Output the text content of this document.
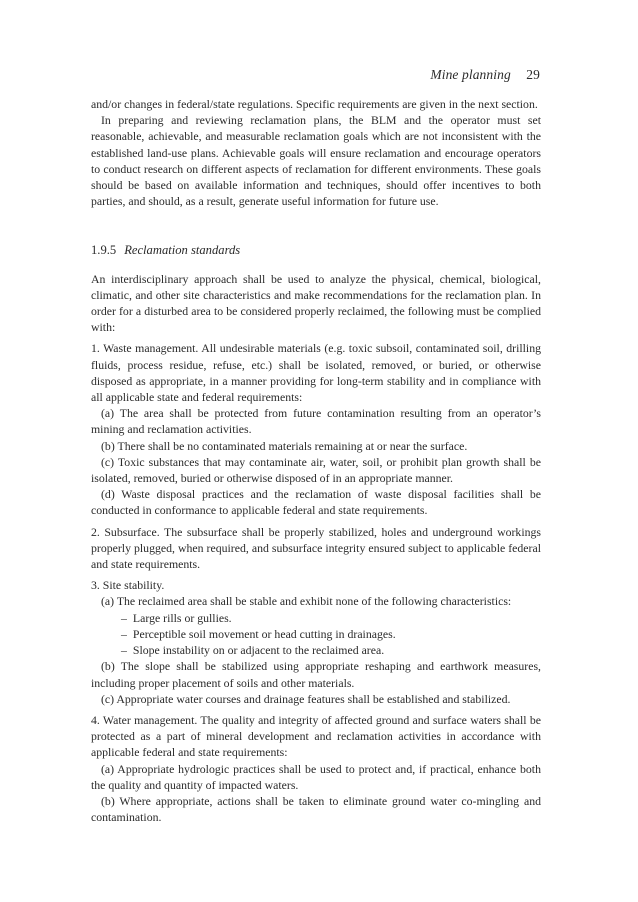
Mine planning 29

and/or changes in federal/state regulations. Specific requirements are given in the next section.

In preparing and reviewing reclamation plans, the BLM and the operator must set reasonable, achievable, and measurable reclamation goals which are not inconsistent with the established land-use plans. Achievable goals will ensure reclamation and encourage operators to conduct research on different aspects of reclamation for different environments. These goals should be based on available information and techniques, should offer incentives to both parties, and should, as a result, generate useful information for future use.

1.9.5 Reclamation standards

An interdisciplinary approach shall be used to analyze the physical, chemical, biological, climatic, and other site characteristics and make recommendations for the reclamation plan. In order for a disturbed area to be considered properly reclaimed, the following must be complied with:

1. Waste management. All undesirable materials (e.g. toxic subsoil, contaminated soil, drilling fluids, process residue, refuse, etc.) shall be isolated, removed, or buried, or otherwise disposed as appropriate, in a manner providing for long-term stability and in compliance with all applicable state and federal requirements:

(a) The area shall be protected from future contamination resulting from an operator’s mining and reclamation activities.

(b) There shall be no contaminated materials remaining at or near the surface.

(c) Toxic substances that may contaminate air, water, soil, or prohibit plan growth shall be isolated, removed, buried or otherwise disposed of in an appropriate manner.

(d) Waste disposal practices and the reclamation of waste disposal facilities shall be conducted in conformance to applicable federal and state requirements.

2. Subsurface. The subsurface shall be properly stabilized, holes and underground workings properly plugged, when required, and subsurface integrity ensured subject to applicable federal and state requirements.

3. Site stability.

(a) The reclaimed area shall be stable and exhibit none of the following characteristics:

– Large rills or gullies.
– Perceptible soil movement or head cutting in drainages.
– Slope instability on or adjacent to the reclaimed area.

(b) The slope shall be stabilized using appropriate reshaping and earthwork measures, including proper placement of soils and other materials.

(c) Appropriate water courses and drainage features shall be established and stabilized.

4. Water management. The quality and integrity of affected ground and surface waters shall be protected as a part of mineral development and reclamation activities in accordance with applicable federal and state requirements:

(a) Appropriate hydrologic practices shall be used to protect and, if practical, enhance both the quality and quantity of impacted waters.

(b) Where appropriate, actions shall be taken to eliminate ground water co-mingling and contamination.
